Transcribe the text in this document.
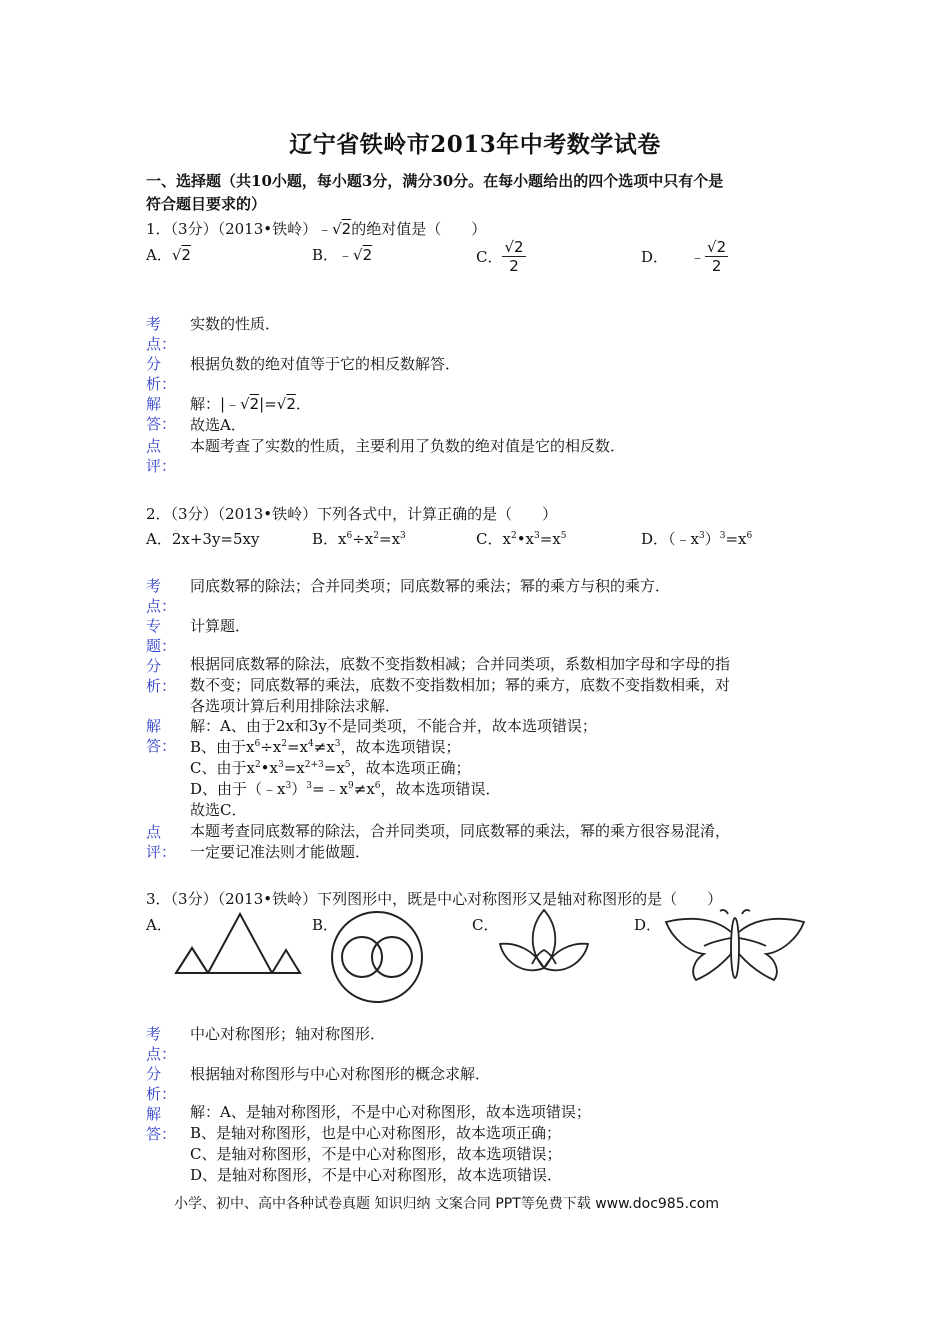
辽宁省铁岭市2013年中考数学试卷
一、选择题（共10小题，每小题3分，满分30分。在每小题给出的四个选项中只有个是
符合题目要求的）
1．（3分）（2013•铁岭）﹣√2的绝对值是（　　）
A．√2	B．﹣√2	C． $\frac{√2}{2}$	D． ﹣ $\frac{√2}{2}$
考点：
实数的性质．
分析：
根据负数的绝对值等于它的相反数解答．
解答：
解：|﹣√2|=√2．
故选A．
点评：
本题考查了实数的性质，主要利用了负数的绝对值是它的相反数．
2．（3分）（2013•铁岭）下列各式中，计算正确的是（　　）
A．2x+3y=5xy	B．$x^6\div x^2=x^3$	C．$x^2•x^3=x^5$	D．$(﹣x^3)^3=x^6$
考点：
同底数幂的除法；合并同类项；同底数幂的乘法；幂的乘方与积的乘方．
专题：
计算题．
分析：
根据同底数幂的除法，底数不变指数相减；合并同类项，系数相加字母和字母的指
数不变；同底数幂的乘法，底数不变指数相加；幂的乘方，底数不变指数相乘，对
各选项计算后利用排除法求解．
解答：
解：A、由于2x和3y不是同类项，不能合并，故本选项错误；
B、由于$x^6\div x^2=x^4\ne x^3$，故本选项错误；
C、由于$x^2•x^3=x^{2+3}=x^5$，故本选项正确；
D、由于$(﹣x^3)^3=﹣x^9\ne x^6$，故本选项错误．
故选C．
点评：
本题考查同底数幂的除法，合并同类项，同底数幂的乘法，幂的乘方很容易混淆，
一定要记准法则才能做题．
3．（3分）（2013•铁岭）下列图形中，既是中心对称图形又是轴对称图形的是（　　）
A．	B．	C．	D．
考点：
中心对称图形；轴对称图形．
分析：
根据轴对称图形与中心对称图形的概念求解．
解答：
解：A、是轴对称图形，不是中心对称图形，故本选项错误；
B、是轴对称图形，也是中心对称图形，故本选项正确；
C、是轴对称图形，不是中心对称图形，故本选项错误；
D、是轴对称图形，不是中心对称图形，故本选项错误．
小学、初中、高中各种试卷真题 知识归纳 文案合同 PPT等免费下载 www.doc985.com
